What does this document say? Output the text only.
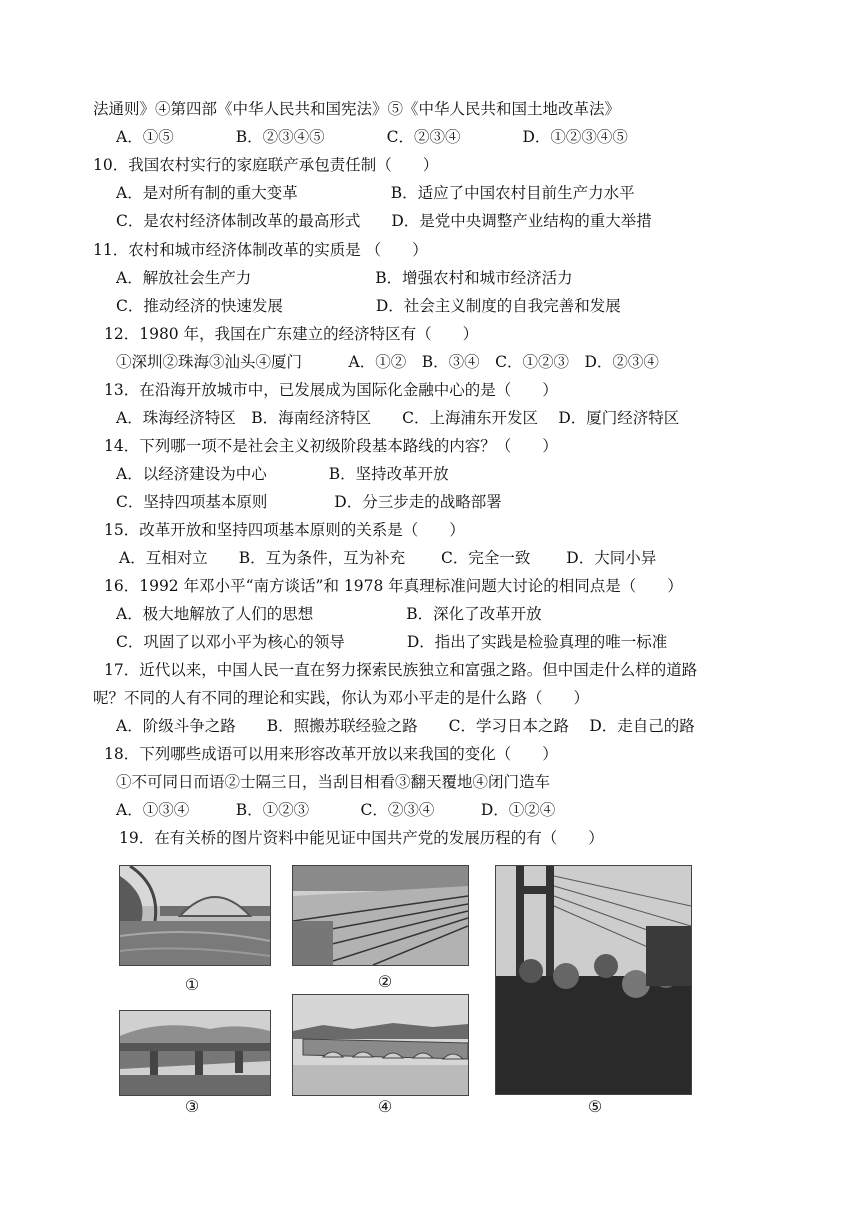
法通则》④第四部《中华人民共和国宪法》⑤《中华人民共和国土地改革法》
A．①⑤　　　　B．②③④⑤　　　　C．②③④　　　　D．①②③④⑤
10．我国农村实行的家庭联产承包责任制（　　）
A．是对所有制的重大变革　　　　　　B．适应了中国农村目前生产力水平
C．是农村经济体制改革的最高形式　　D．是党中央调整产业结构的重大举措
11．农村和城市经济体制改革的实质是 （　　）
A．解放社会生产力　　　　　　　　B．增强农村和城市经济活力
C．推动经济的快速发展　　　　　　D．社会主义制度的自我完善和发展
12．1980 年，我国在广东建立的经济特区有（　　）
①深圳②珠海③汕头④厦门　　　A．①②　B．③④　C．①②③　D．②③④
13．在沿海开放城市中，已发展成为国际化金融中心的是（　　）
A．珠海经济特区　B．海南经济特区　　C．上海浦东开发区　 D．厦门经济特区
14．下列哪一项不是社会主义初级阶段基本路线的内容？（　　）
A．以经济建设为中心　　　　B．坚持改革开放
C．坚持四项基本原则　　　　 D．分三步走的战略部署
15．改革开放和坚持四项基本原则的关系是（　　）
A．互相对立　　B．互为条件，互为补充　　 C．完全一致　　 D．大同小异
16．1992 年邓小平“南方谈话”和 1978 年真理标准问题大讨论的相同点是（　　）
A．极大地解放了人们的思想　　　　　　B．深化了改革开放
C．巩固了以邓小平为核心的领导　　　　D．指出了实践是检验真理的唯一标准
17．近代以来，中国人民一直在努力探索民族独立和富强之路。但中国走什么样的道路
呢？不同的人有不同的理论和实践，你认为邓小平走的是什么路（　　）
A．阶级斗争之路　　B．照搬苏联经验之路　　C．学习日本之路　 D．走自己的路
18．下列哪些成语可以用来形容改革开放以来我国的变化（　　）
①不可同日而语②士隔三日，当刮目相看③翻天覆地④闭门造车
A．①③④　　　B．①②③　　　 C．②③④　　　D．①②④
19．在有关桥的图片资料中能见证中国共产党的发展历程的有（　　）
①	②
③	④	⑤
